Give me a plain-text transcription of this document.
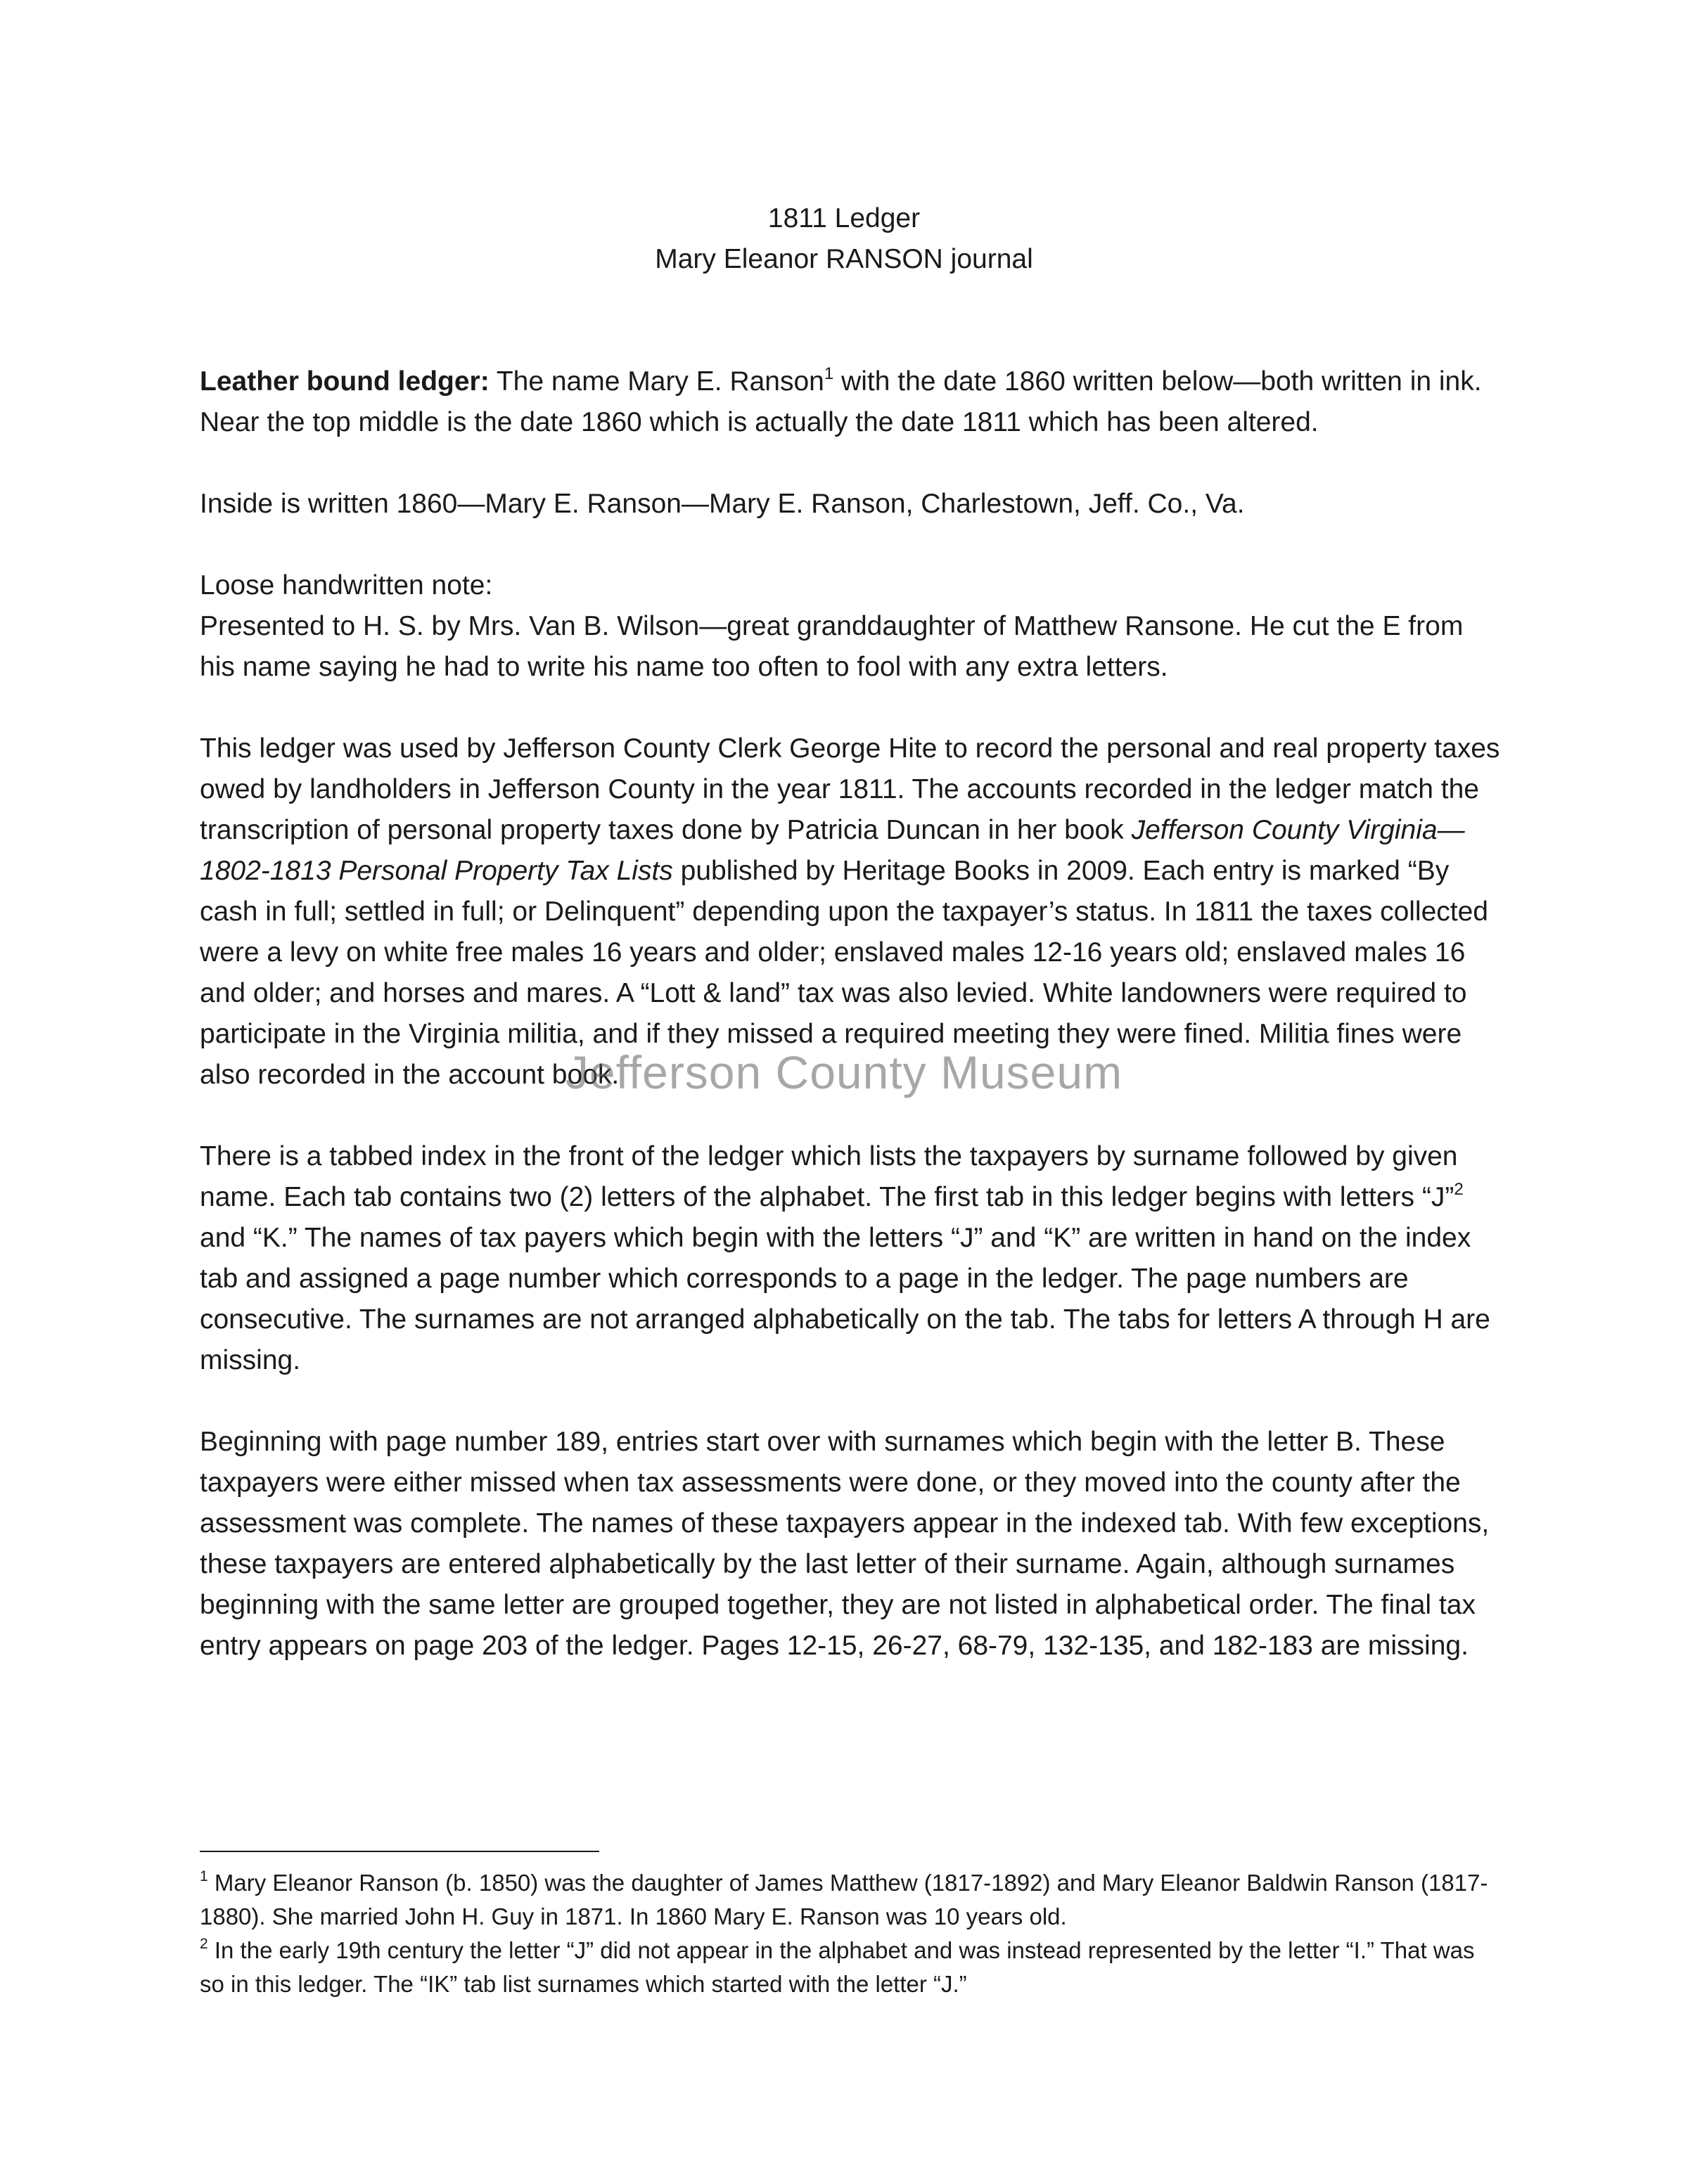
1811 Ledger
Mary Eleanor RANSON journal

Leather bound ledger: The name Mary E. Ranson$^1$ with the date 1860 written below—both written in ink. Near the top middle is the date 1860 which is actually the date 1811 which has been altered.

Inside is written 1860—Mary E. Ranson—Mary E. Ranson, Charlestown, Jeff. Co., Va.

Loose handwritten note:

Presented to H. S. by Mrs. Van B. Wilson—great granddaughter of Matthew Ransone. He cut the E from his name saying he had to write his name too often to fool with any extra letters.

This ledger was used by Jefferson County Clerk George Hite to record the personal and real property taxes owed by landholders in Jefferson County in the year 1811. The accounts recorded in the ledger match the transcription of personal property taxes done by Patricia Duncan in her book Jefferson County Virginia—1802-1813 Personal Property Tax Lists published by Heritage Books in 2009. Each entry is marked “By cash in full; settled in full; or Delinquent” depending upon the taxpayer’s status. In 1811 the taxes collected were a levy on white free males 16 years and older; enslaved males 12-16 years old; enslaved males 16 and older; and horses and mares. A “Lott & land” tax was also levied. White landowners were required to participate in the Virginia militia, and if they missed a required meeting they were fined. Militia fines were also recorded in the account book.

There is a tabbed index in the front of the ledger which lists the taxpayers by surname followed by given name. Each tab contains two (2) letters of the alphabet. The first tab in this ledger begins with letters “J”$^2$ and “K.” The names of tax payers which begin with the letters “J” and “K” are written in hand on the index tab and assigned a page number which corresponds to a page in the ledger. The page numbers are consecutive. The surnames are not arranged alphabetically on the tab. The tabs for letters A through H are missing.

Beginning with page number 189, entries start over with surnames which begin with the letter B. These taxpayers were either missed when tax assessments were done, or they moved into the county after the assessment was complete. The names of these taxpayers appear in the indexed tab. With few exceptions, these taxpayers are entered alphabetically by the last letter of their surname. Again, although surnames beginning with the same letter are grouped together, they are not listed in alphabetical order. The final tax entry appears on page 203 of the ledger. Pages 12-15, 26-27, 68-79, 132-135, and 182-183 are missing.

$^1$ Mary Eleanor Ranson (b. 1850) was the daughter of James Matthew (1817-1892) and Mary Eleanor Baldwin Ranson (1817-1880). She married John H. Guy in 1871. In 1860 Mary E. Ranson was 10 years old.

$^2$ In the early 19th century the letter “J” did not appear in the alphabet and was instead represented by the letter “I.” That was so in this ledger. The “IK” tab list surnames which started with the letter “J.”

Jefferson County Museum
